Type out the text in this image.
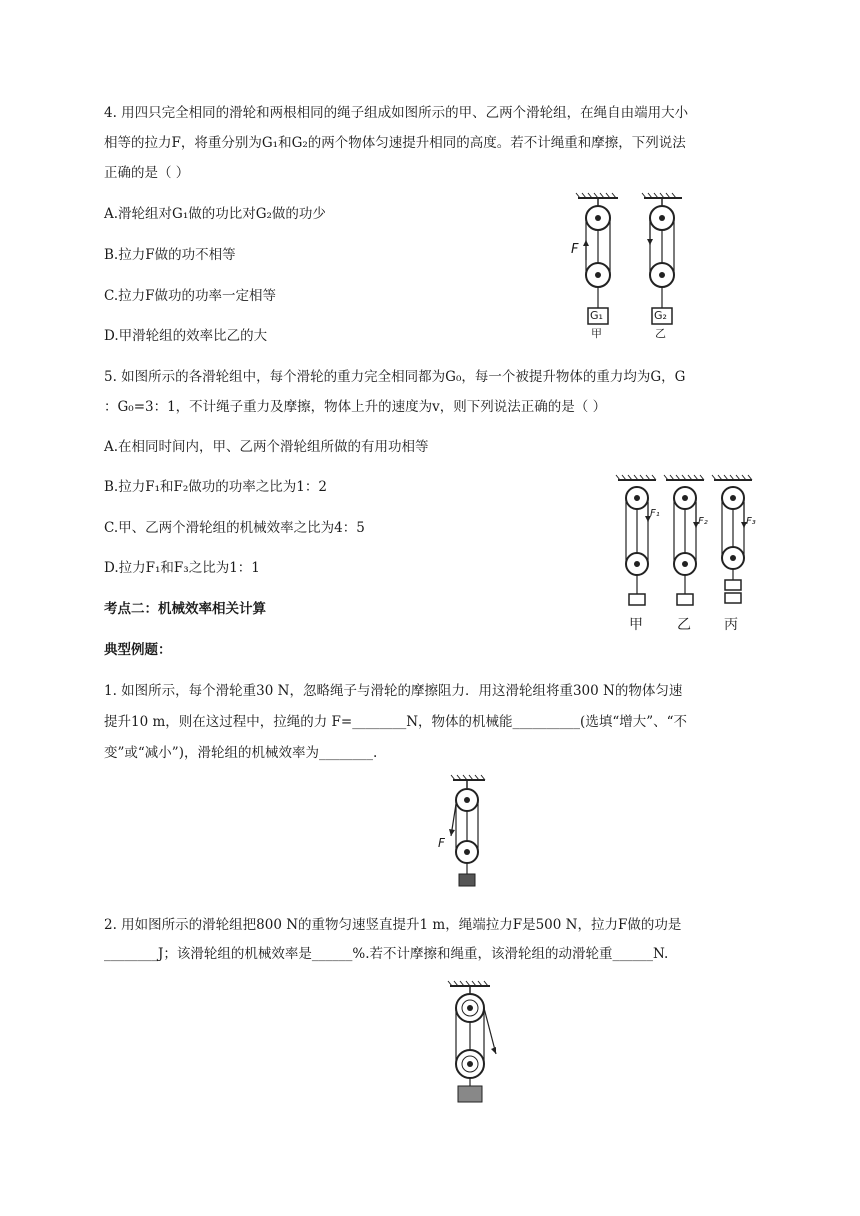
4. 用四只完全相同的滑轮和两根相同的绳子组成如图所示的甲、乙两个滑轮组，在绳自由端用大小
相等的拉力F，将重分别为G₁和G₂的两个物体匀速提升相同的高度。若不计绳重和摩擦，下列说法
正确的是（ ）
A.滑轮组对G₁做的功比对G₂做的功少
B.拉力F做的功不相等
C.拉力F做功的功率一定相等
D.甲滑轮组的效率比乙的大
F
G₁	G₂
甲	乙
5. 如图所示的各滑轮组中，每个滑轮的重力完全相同都为G₀，每一个被提升物体的重力均为G，G
：G₀=3：1，不计绳子重力及摩擦，物体上升的速度为v，则下列说法正确的是（ ）
A.在相同时间内，甲、乙两个滑轮组所做的有用功相等
B.拉力F₁和F₂做功的功率之比为1：2
C.甲、乙两个滑轮组的机械效率之比为4：5
D.拉力F₁和F₃之比为1：1
F₁
F₂	F₃
甲 乙 丙
考点二：机械效率相关计算
典型例题：
1. 如图所示，每个滑轮重30 N，忽略绳子与滑轮的摩擦阻力．用这滑轮组将重300 N的物体匀速
提升10 m，则在这过程中，拉绳的力 F=________N，物体的机械能__________(选填“增大”、“不
变”或“减小”)，滑轮组的机械效率为________.
F
2. 用如图所示的滑轮组把800 N的重物匀速竖直提升1 m，绳端拉力F是500 N，拉力F做的功是
________J；该滑轮组的机械效率是______%.若不计摩擦和绳重，该滑轮组的动滑轮重______N.
